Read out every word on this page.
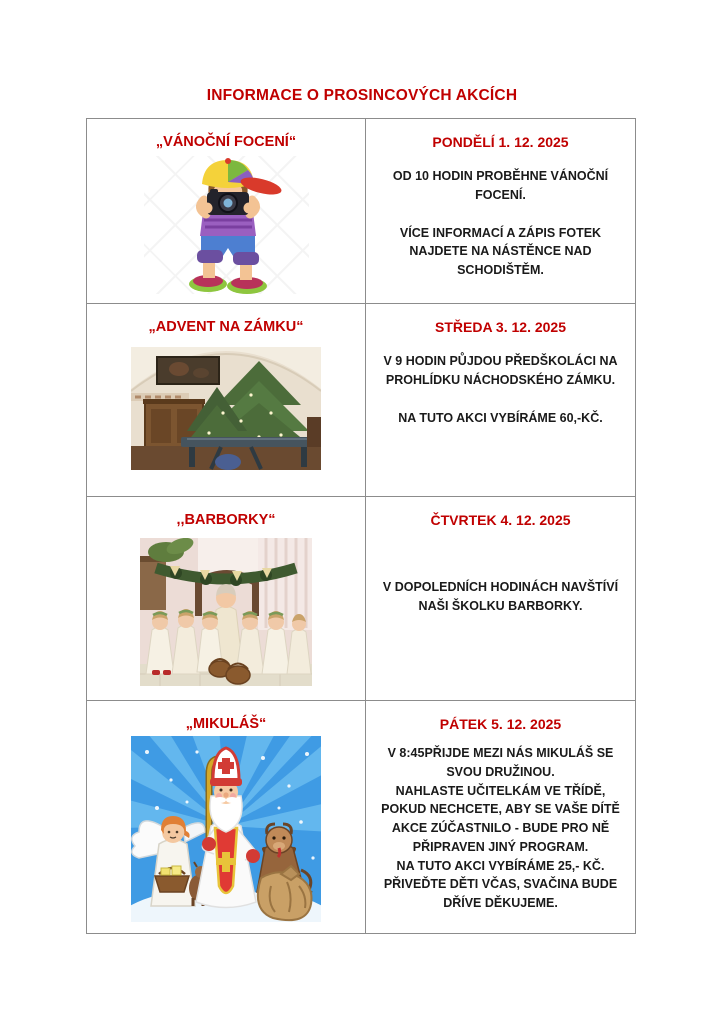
INFORMACE O PROSINCOVÝCH AKCÍCH
„VÁNOČNÍ FOCENÍ“	PONDĚLÍ 1. 12. 2025

OD 10 HODIN PROBĚHNE VÁNOČNÍ FOCENÍ.

VÍCE INFORMACÍ A ZÁPIS FOTEK NAJDETE NA NÁSTĚNCE NAD SCHODIŠTĚM.

„ADVENT NA ZÁMKU“	STŘEDA 3. 12. 2025

V 9 HODIN PŮJDOU PŘEDŠKOLÁCI NA PROHLÍDKU NÁCHODSKÉHO ZÁMKU.

NA TUTO AKCI VYBÍRÁME 60,-KČ.

,,BARBORKY“	ČTVRTEK 4. 12. 2025

V DOPOLEDNÍCH HODINÁCH NAVŠTÍVÍ NAŠI ŠKOLKU BARBORKY.

„MIKULÁŠ“	PÁTEK 5. 12. 2025

V 8:45PŘIJDE MEZI NÁS MIKULÁŠ SE SVOU DRUŽINOU.

NAHLASTE UČITELKÁM VE TŘÍDĚ, POKUD NECHCETE, ABY SE VAŠE DÍTĚ AKCE ZÚČASTNILO - BUDE PRO NĚ PŘIPRAVEN JINÝ PROGRAM.

NA TUTO AKCI VYBÍRÁME 25,- KČ.

PŘIVEĎTE DĚTI VČAS, SVAČINA BUDE DŘÍVE DĚKUJEME.
